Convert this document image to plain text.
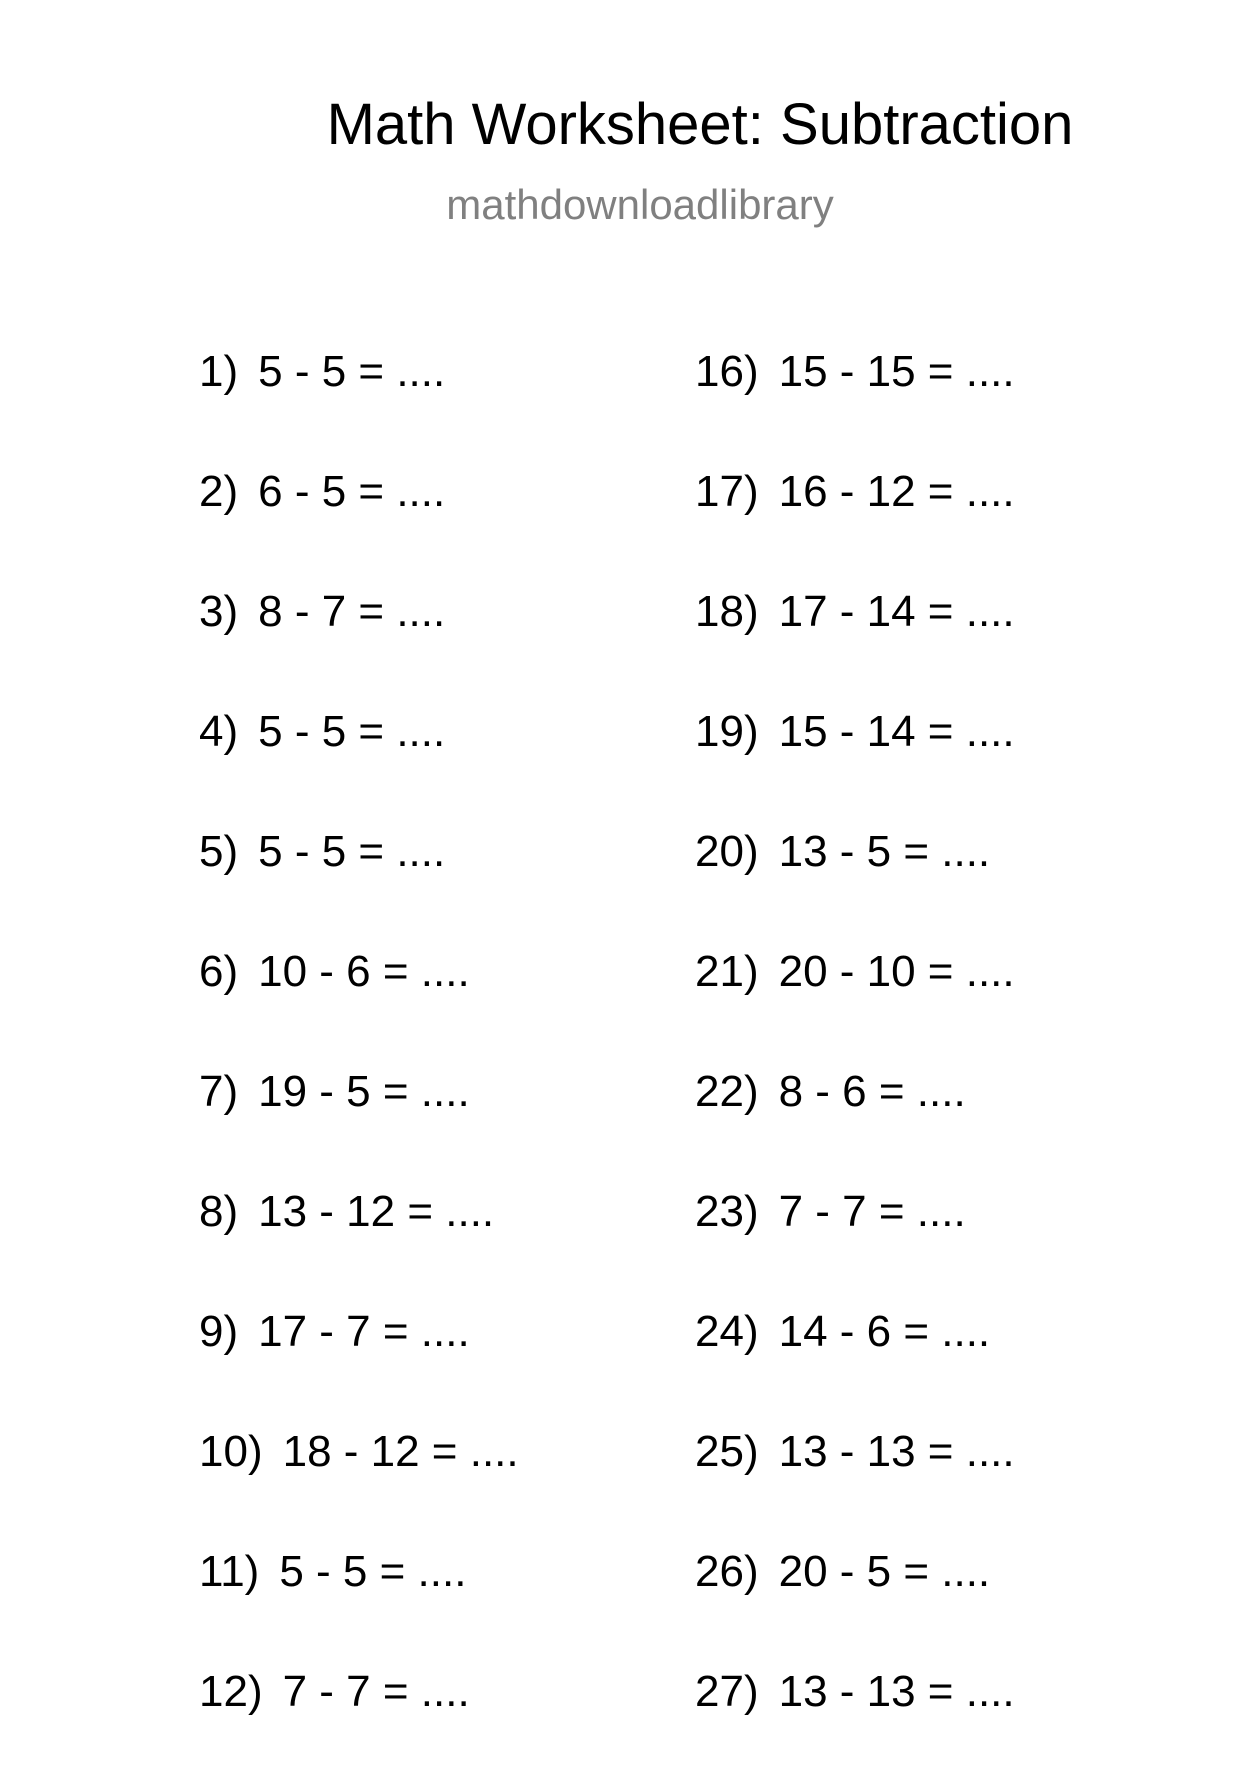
Math Worksheet: Subtraction
mathdownloadlibrary
1) 5 - 5 = ....
2) 6 - 5 = ....
3) 8 - 7 = ....
4) 5 - 5 = ....
5) 5 - 5 = ....
6) 10 - 6 = ....
7) 19 - 5 = ....
8) 13 - 12 = ....
9) 17 - 7 = ....
10) 18 - 12 = ....
11) 5 - 5 = ....
12) 7 - 7 = ....
16) 15 - 15 = ....
17) 16 - 12 = ....
18) 17 - 14 = ....
19) 15 - 14 = ....
20) 13 - 5 = ....
21) 20 - 10 = ....
22) 8 - 6 = ....
23) 7 - 7 = ....
24) 14 - 6 = ....
25) 13 - 13 = ....
26) 20 - 5 = ....
27) 13 - 13 = ....
